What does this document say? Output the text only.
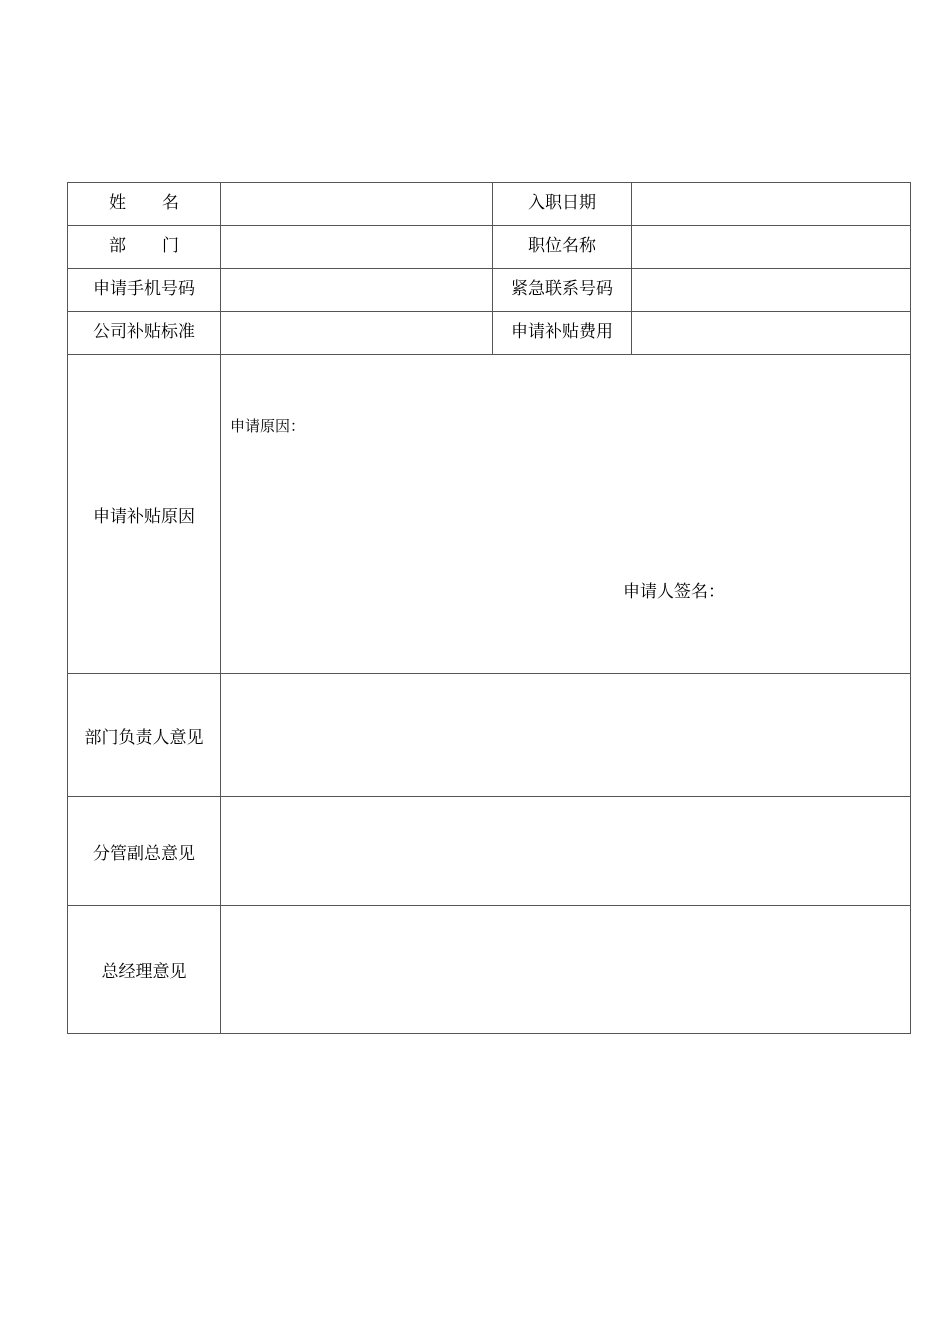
姓 名		入职日期	
部 门		职位名称	
申请手机号码		紧急联系号码	
公司补贴标准		申请补贴费用	
申请补贴原因	申请原因：
申请人签名：		

部门负责人意见			
分管副总意见			
总经理意见			
